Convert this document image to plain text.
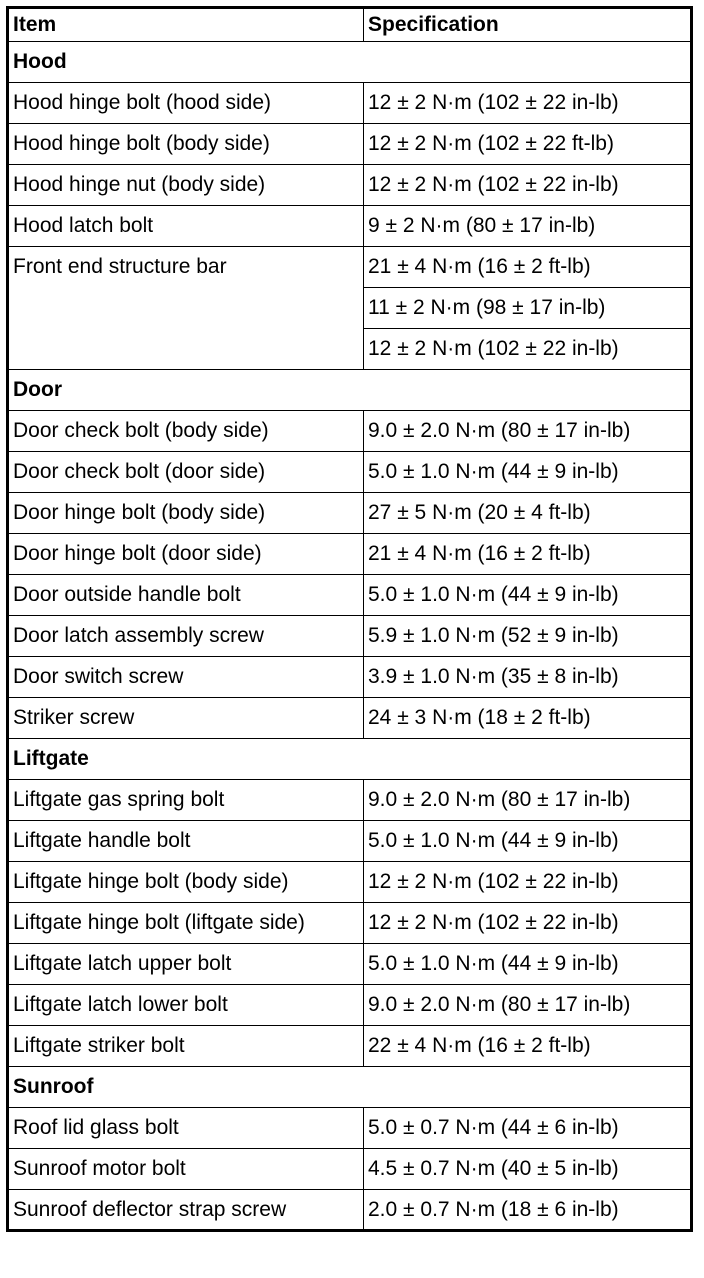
Item	Specification
Hood	
Hood hinge bolt (hood side)	12 ± 2 N·m (102 ± 22 in-lb)
Hood hinge bolt (body side)	12 ± 2 N·m (102 ± 22 ft-lb)
Hood hinge nut (body side)	12 ± 2 N·m (102 ± 22 in-lb)
Hood latch bolt	9 ± 2 N·m (80 ± 17 in-lb)
Front end structure bar	21 ± 4 N·m (16 ± 2 ft-lb)
	11 ± 2 N·m (98 ± 17 in-lb)
	12 ± 2 N·m (102 ± 22 in-lb)
Door	
Door check bolt (body side)	9.0 ± 2.0 N·m (80 ± 17 in-lb)
Door check bolt (door side)	5.0 ± 1.0 N·m (44 ± 9 in-lb)
Door hinge bolt (body side)	27 ± 5 N·m (20 ± 4 ft-lb)
Door hinge bolt (door side)	21 ± 4 N·m (16 ± 2 ft-lb)
Door outside handle bolt	5.0 ± 1.0 N·m (44 ± 9 in-lb)
Door latch assembly screw	5.9 ± 1.0 N·m (52 ± 9 in-lb)
Door switch screw	3.9 ± 1.0 N·m (35 ± 8 in-lb)
Striker screw	24 ± 3 N·m (18 ± 2 ft-lb)
Liftgate	
Liftgate gas spring bolt	9.0 ± 2.0 N·m (80 ± 17 in-lb)
Liftgate handle bolt	5.0 ± 1.0 N·m (44 ± 9 in-lb)
Liftgate hinge bolt (body side)	12 ± 2 N·m (102 ± 22 in-lb)
Liftgate hinge bolt (liftgate side)	12 ± 2 N·m (102 ± 22 in-lb)
Liftgate latch upper bolt	5.0 ± 1.0 N·m (44 ± 9 in-lb)
Liftgate latch lower bolt	9.0 ± 2.0 N·m (80 ± 17 in-lb)
Liftgate striker bolt	22 ± 4 N·m (16 ± 2 ft-lb)
Sunroof	
Roof lid glass bolt	5.0 ± 0.7 N·m (44 ± 6 in-lb)
Sunroof motor bolt	4.5 ± 0.7 N·m (40 ± 5 in-lb)
Sunroof deflector strap screw	2.0 ± 0.7 N·m (18 ± 6 in-lb)
